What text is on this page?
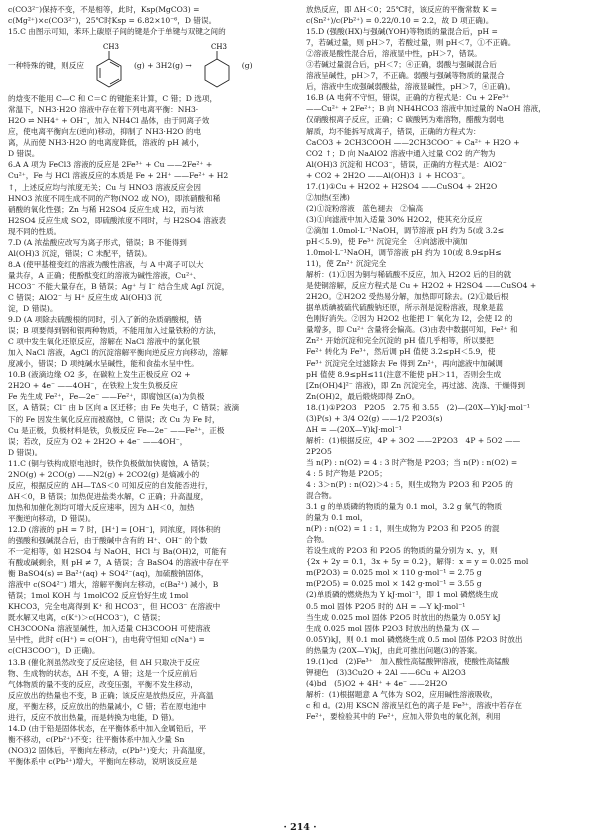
c(CO3²⁻)保持不变，不是相等，此时，Ksp(MgCO3) =

c(Mg²⁺)×c(CO3²⁻)，25℃时Ksp = 6.82×10⁻⁶，D 错误。

15.C 由图示可知，苯环上碳原子间的键是介于单键与双键之间的

一种特殊的键，则反应
CH3
(g) + 3H2(g) →
CH3
(g)

的焓变不能用 C—C 和 C＝C 的键能来计算，C 错；D 选项，

常温下，NH3·H2O 溶液中存在着下列电离平衡：NH3·

H2O ⇌ NH4⁺ + OH⁻，加入 NH4Cl 晶体，由于同离子效

应，使电离平衡向左(逆向)移动，抑制了 NH3·H2O 的电

离，从而使 NH3·H2O 的电离度降低，溶液的 pH 减小，

D 错误。

6.A A 项为 FeCl3 溶液的反应是 2Fe³⁺ + Cu ——2Fe²⁺ +

Cu²⁺，Fe 与 HCl 溶液反应的本质是 Fe + 2H⁺ ——Fe²⁺ + H2

↑，上述反应均与浓度无关；Cu 与 HNO3 溶液反应会因

HNO3 浓度不同生成不同的产物(NO2 或 NO)，即浓硝酸和稀

硝酸的氧化性强；Zn 与稀 H2SO4 反应生成 H2，而与浓

H2SO4 反应生成 SO2，即硫酸浓度不同时，与 H2SO4 溶液表

现不同的性质。

7.D (A 浓盐酸应改写为离子形式，错误；B 不能得到

Al(OH)3 沉淀，错误；C 未配平，错误)。

8.A (使甲基橙变红的溶液为酸性溶液，与 A 中离子可以大

量共存，A 正确；使酚酞变红的溶液为碱性溶液，Cu²⁺、

HCO3⁻ 不能大量存在，B 错误；Ag⁺ 与 I⁻ 结合生成 AgI 沉淀，

C 错误；AlO2⁻ 与 H⁺ 反应生成 Al(OH)3 沉

淀，D 错误)。

9.D (A 项除去硫酸根的同时，引入了新的杂质硝酸根，错

误；B 项要得到钢和银两种物质，不能用加入过量铁粉的方法，

C 项中发生氧化还原反应，溶解在 NaCl 溶液中的氯化银

加入 NaCl 溶液，AgCl 的沉淀溶解平衡向逆反应方向移动，溶解

度减小，错误；D 项纯碱水呈碱性，能和食盐水呈中性。

10.B (液滴边缘 O2 多，在碳粒上发生正极反应 O2 +

2H2O + 4e⁻ ——4OH⁻，在铁粒上发生负极反应

Fe 先生成 Fe²⁺，Fe—2e⁻ ——Fe²⁺，即腐蚀区(a)为负极

区，A 错误；Cl⁻ 由 b 区向 a 区迁移；由 Fe 失电子，C 错误；液滴

下的 Fe 因发生氧化反应而被腐蚀，C 错误；改 Cu 为 Fe 时，

Cu 是正极，负极材料是铁，负极反应 Fe—2e⁻ ——Fe²⁺，正极

误；若改，反应为 O2 + 2H2O + 4e⁻ ——4OH⁻，

D 错误)。

11.C (铜与铁构成原电池时，铁作负极做加快腐蚀，A 错误；

2NO(g) + 2CO(g) ——N2(g) + 2CO2(g) 是熵减小的

反应，根据反应的 ΔH—TΔS＜0 可知反应的自发能否进行，

ΔH＜0，B 错误；加热促进盐类水解，C 正确；升高温度，

加热和加催化剂均可增大反应速率，因为 ΔH＜0，加热

平衡逆向移动，D 错误)。

12.D (溶液的 pH = 7 时，[H⁺] = [OH⁻]，同浓度，同体积的

的强酸和强碱混合后，由于酸碱中含有的 H⁺、OH⁻ 的个数

不一定相等，如 H2SO4 与 NaOH、HCl 与 Ba(OH)2，可能有

有酸或碱剩余，则 pH ≠ 7，A 错误；含 BaSO4 的溶液中存在平

衡 BaSO4(s) ⇌ Ba²⁺(aq) + SO4²⁻(aq)，加硫酸钠固体，

溶液中 c(SO4²⁻) 增大，溶解平衡向左移动，c(Ba²⁺) 减小，B

错误；1mol KOH 与 1molCO2 反应恰好生成 1mol

KHCO3，完全电离得到 K⁺ 和 HCO3⁻，但 HCO3⁻ 在溶液中

既水解又电离，c(K⁺)＞c(HCO3⁻)，C 错误；

CH3COONa 溶液显碱性，加入适量 CH3COOH 可使溶液

呈中性，此时 c(H⁺) = c(OH⁻)，由电荷守恒知 c(Na⁺) =

c(CH3COO⁻)，D 正确)。

13.B (催化剂虽然改变了反应途径，但 ΔH 只取决于反应

物、生成物的状态，ΔH 不变，A 错；这是一个反应前后

气体物质的量不变的反应，改变压强，平衡不发生移动，

反应放出的热量也不变，B 正确；该反应是放热反应，升高温

度，平衡左移，反应放出的热量减小，C 错；若在原电池中

进行，反应不放出热量，而是转换为电能，D 错)。

14.D (由于铅是固体状态，在平衡体系中加入金属铅后，平

衡不移动，c(Pb²⁺)不变；往平衡体系中加入少量 Sn

(NO3)2 固体后，平衡向左移动，c(Pb²⁺)变大；升高温度，

平衡体系中 c(Pb²⁺)增大，平衡向左移动，说明该反应是

放热反应，即 ΔH＜0；25℃时，该反应的平衡常数 K =

c(Sn²⁺)/c(Pb²⁺) = 0.22/0.10 = 2.2，故 D 项正确)。

15.D (强酸(HX)与强碱(YOH)等物质的量混合后，pH =

7，若碱过量，则 pH＞7，若酸过量，则 pH＜7，①不正确。

②溶液是酸性混合后，溶液显中性，pH＞7，错误。

③若碱过量混合后，pH＜7；④正确，弱酸与强碱混合后

溶液呈碱性，pH＞7，不正确。弱酸与强碱等物质的量混合

后，溶液中生成强碱弱酸盐，溶液显碱性，pH＞7，④正确)。

16.B (A 电荷不守恒，错误，正确的方程式是：Cu + 2Fe³⁺

——Cu²⁺ + 2Fe²⁺；B 向 NH4HCO3 溶液中加过量的 NaOH 溶液，

仅硝酸根离子反应，正确；C 碳酸钙为难溶物，醋酸为弱电

解质，均不能拆写成离子，错误，正确的方程式为：

CaCO3 + 2CH3COOH ——2CH3COO⁻ + Ca²⁺ + H2O +

CO2 ↑；D 向 NaAlO2 溶液中通入过量 CO2 的产物为

Al(OH)3 沉淀和 HCO3⁻，错误，正确的方程式是：AlO2⁻

+ CO2 + 2H2O ——Al(OH)3 ↓ + HCO3⁻。

17.(1)①Cu + H2O2 + H2SO4 ——CuSO4 + 2H2O

②加热(至沸)

(2)①淀粉溶液　蓝色褪去　②偏高

(3)①向滤液中加入适量 30% H2O2，使其充分反应

②滴加 1.0mol·L⁻¹NaOH，调节溶液 pH 约为 5(或 3.2≤

pH＜5.9)，使 Fe³⁺ 沉淀完全　④向滤液中滴加

1.0mol·L⁻¹NaOH，调节溶液 pH 约为 10(或 8.9≤pH≤

11)，使 Zn²⁺ 沉淀完全

解析：(1)①因为铜与稀硫酸不反应，加入 H2O2 后的目的就

是使铜溶解，反应方程式是 Cu + H2O2 + H2SO4 ——CuSO4 +

2H2O。②H2O2 受热易分解，加热即可除去。(2)①最后根

据单质碘被硫代硫酸钠还原，所示剂是淀粉溶液，现象是蓝

色刚好消失。②因为 H2O2 也能把 I⁻ 氧化为 I2，会使 I2 的

量增多，即 Cu²⁺ 含量将会偏高。(3)由表中数据可知，Fe²⁺ 和

Zn²⁺ 开始沉淀和完全沉淀的 pH 值几乎相等，所以要把

Fe²⁺ 转化为 Fe³⁺，然后调 pH 值使 3.2≤pH＜5.9，使

Fe³⁺ 沉淀完全过滤除去 Fe 得到 Zn²⁺，再向滤液中加碱调

pH 值使 8.9≤pH≤11(注意不能使 pH＞11，否则会生成

[Zn(OH)4]²⁻ 溶液)，即 Zn 沉淀完全，再过滤、洗涤、干燥得到

Zn(OH)2，最后煅烧即得 ZnO。

18.(1)①P2O3　P2O5　2.75 和 3.55　(2)—(20X—Y)kJ·mol⁻¹

(3)P(s) + 3/4 O2(g) ——1/2 P2O3(s)

ΔH = —(20X—Y)kJ·mol⁻¹

解析：(1)根据反应，4P + 3O2 ——2P2O3　4P + 5O2 ——

2P2O5

当 n(P) : n(O2) = 4 : 3 时产物是 P2O3；当 n(P) : n(O2) =

4 : 5 时产物是 P2O5；

4 : 3＞n(P) : n(O2)＞4 : 5，则生成物为 P2O3 和 P2O5 的

混合物。

3.1 g 的单质磷的物质的量为 0.1 mol，3.2 g 氧气的物质

的量为 0.1 mol，

n(P) : n(O2) = 1 : 1，则生成物为 P2O3 和 P2O5 的混

合物。

若设生成的 P2O3 和 P2O5 的物质的量分别为 x、y，则

{2x + 2y = 0.1，3x + 5y = 0.2}，解得：x = y = 0.025 mol

m(P2O3) = 0.025 mol × 110 g·mol⁻¹ = 2.75 g

m(P2O5) = 0.025 mol × 142 g·mol⁻¹ = 3.55 g

(2)单质磷的燃烧热为 Y kJ·mol⁻¹，即 1 mol 磷燃烧生成

0.5 mol 固体 P2O5 时的 ΔH = —Y kJ·mol⁻¹

当生成 0.025 mol 固体 P2O5 时放出的热量为 0.05Y kJ

生成 0.025 mol 固体 P2O3 时放出的热量为 (X —

0.05Y)kJ，则 0.1 mol 磷燃烧生成 0.5 mol 固体 P2O3 时放出

的热量为 (20X—Y)kJ，由此可推出问题(3)的答案。

19.(1)cd　(2)Fe³⁺　加入酸性高锰酸钾溶液，使酸性高锰酸

钾褪色　(3)3Cu2O + 2Al ——6Cu + Al2O3

(4)bd　(5)O2 + 4H⁺ + 4e⁻ ——2H2O

解析：(1)根据题意 A 气体为 SO2，应用碱性溶液吸收，

c 和 d。(2)用 KSCN 溶液呈红色的离子是 Fe³⁺，溶液中若存在

Fe²⁺，要检验其中的 Fe²⁺，应加入带负电的氧化剂，利用

· 214 ·
